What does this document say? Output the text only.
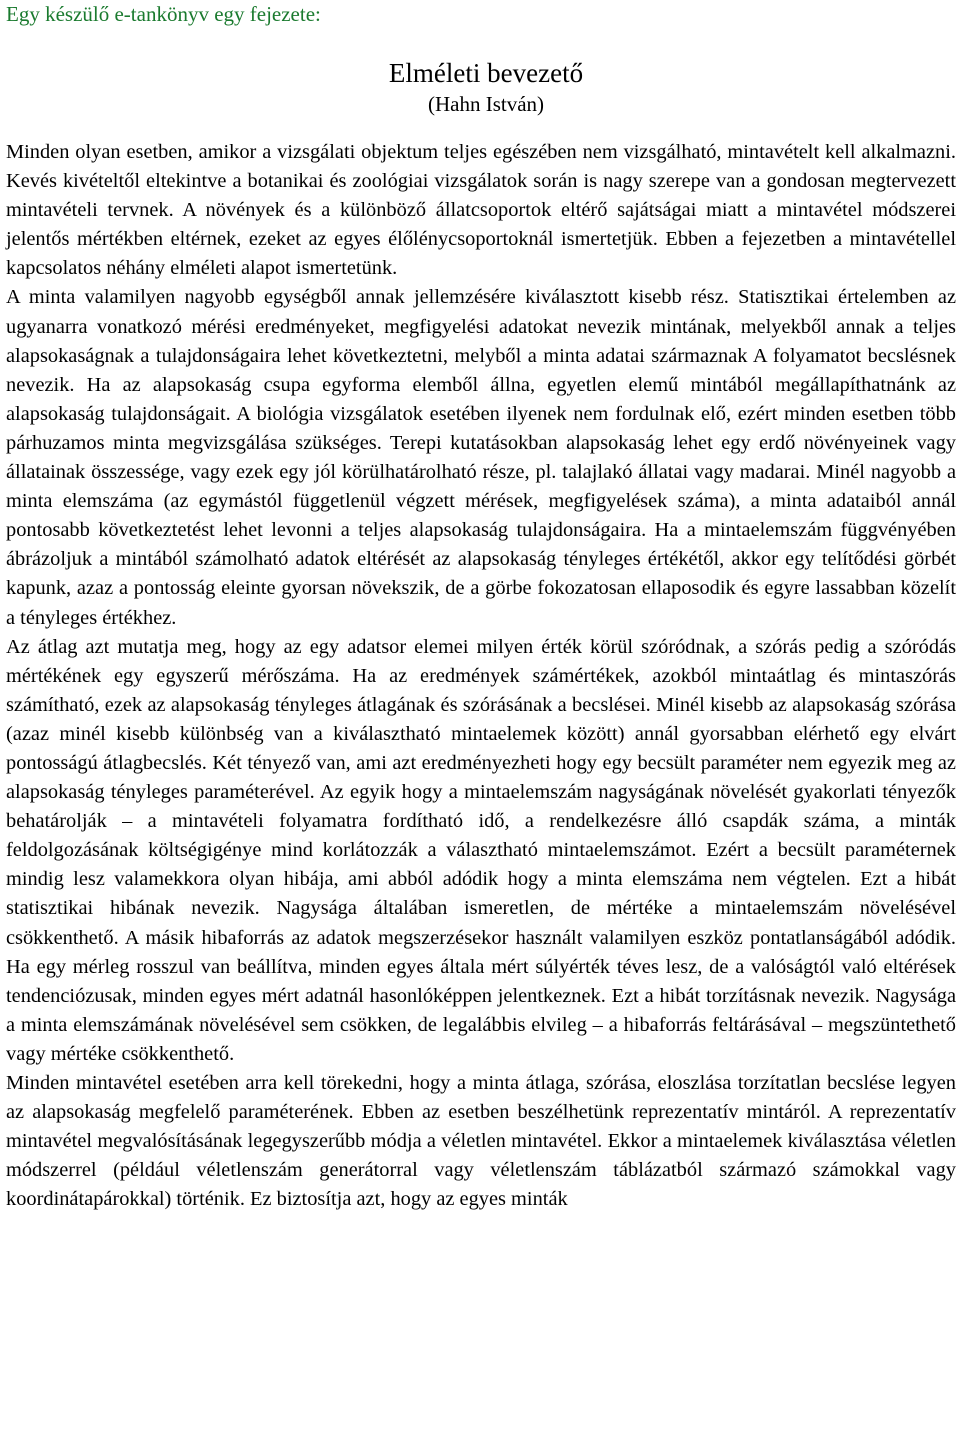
Egy készülő e-tankönyv egy fejezete:

Elméleti bevezető

(Hahn István)

Minden olyan esetben, amikor a vizsgálati objektum teljes egészében nem vizsgálható, mintavételt kell alkalmazni. Kevés kivételtől eltekintve a botanikai és zoológiai vizsgálatok során is nagy szerepe van a gondosan megtervezett mintavételi tervnek. A növények és a különböző állatcsoportok eltérő sajátságai miatt a mintavétel módszerei jelentős mértékben eltérnek, ezeket az egyes élőlénycsoportoknál ismertetjük. Ebben a fejezetben a mintavétellel kapcsolatos néhány elméleti alapot ismertetünk.

A minta valamilyen nagyobb egységből annak jellemzésére kiválasztott kisebb rész. Statisztikai értelemben az ugyanarra vonatkozó mérési eredményeket, megfigyelési adatokat nevezik mintának, melyekből annak a teljes alapsokaságnak a tulajdonságaira lehet következtetni, melyből a minta adatai származnak A folyamatot becslésnek nevezik. Ha az alapsokaság csupa egyforma elemből állna, egyetlen elemű mintából megállapíthatnánk az alapsokaság tulajdonságait. A biológia vizsgálatok esetében ilyenek nem fordulnak elő, ezért minden esetben több párhuzamos minta megvizsgálása szükséges. Terepi kutatásokban alapsokaság lehet egy erdő növényeinek vagy állatainak összessége, vagy ezek egy jól körülhatárolható része, pl. talajlakó állatai vagy madarai. Minél nagyobb a minta elemszáma (az egymástól függetlenül végzett mérések, megfigyelések száma), a minta adataiból annál pontosabb következtetést lehet levonni a teljes alapsokaság tulajdonságaira. Ha a mintaelemszám függvényében ábrázoljuk a mintából számolható adatok eltérését az alapsokaság tényleges értékétől, akkor egy telítődési görbét kapunk, azaz a pontosság eleinte gyorsan növekszik, de a görbe fokozatosan ellaposodik és egyre lassabban közelít a tényleges értékhez.

Az átlag azt mutatja meg, hogy az egy adatsor elemei milyen érték körül szóródnak, a szórás pedig a szóródás mértékének egy egyszerű mérőszáma. Ha az eredmények számértékek, azokból mintaátlag és mintaszórás számítható, ezek az alapsokaság tényleges átlagának és szórásának a becslései. Minél kisebb az alapsokaság szórása (azaz minél kisebb különbség van a kiválasztható mintaelemek között) annál gyorsabban elérhető egy elvárt pontosságú átlagbecslés. Két tényező van, ami azt eredményezheti hogy egy becsült paraméter nem egyezik meg az alapsokaság tényleges paraméterével. Az egyik hogy a mintaelemszám nagyságának növelését gyakorlati tényezők behatárolják – a mintavételi folyamatra fordítható idő, a rendelkezésre álló csapdák száma, a minták feldolgozásának költségigénye mind korlátozzák a választható mintaelemszámot. Ezért a becsült paraméternek mindig lesz valamekkora olyan hibája, ami abból adódik hogy a minta elemszáma nem végtelen. Ezt a hibát statisztikai hibának nevezik. Nagysága általában ismeretlen, de mértéke a mintaelemszám növelésével csökkenthető. A másik hibaforrás az adatok megszerzésekor használt valamilyen eszköz pontatlanságából adódik. Ha egy mérleg rosszul van beállítva, minden egyes általa mért súlyérték téves lesz, de a valóságtól való eltérések tendenciózusak, minden egyes mért adatnál hasonlóképpen jelentkeznek. Ezt a hibát torzításnak nevezik. Nagysága a minta elemszámának növelésével sem csökken, de legalábbis elvileg – a hibaforrás feltárásával – megszüntethető vagy mértéke csökkenthető.

Minden mintavétel esetében arra kell törekedni, hogy a minta átlaga, szórása, eloszlása torzítatlan becslése legyen az alapsokaság megfelelő paraméterének. Ebben az esetben beszélhetünk reprezentatív mintáról. A reprezentatív mintavétel megvalósításának legegyszerűbb módja a véletlen mintavétel. Ekkor a mintaelemek kiválasztása véletlen módszerrel (például véletlenszám generátorral vagy véletlenszám táblázatból származó számokkal vagy koordinátapárokkal) történik. Ez biztosítja azt, hogy az egyes minták
